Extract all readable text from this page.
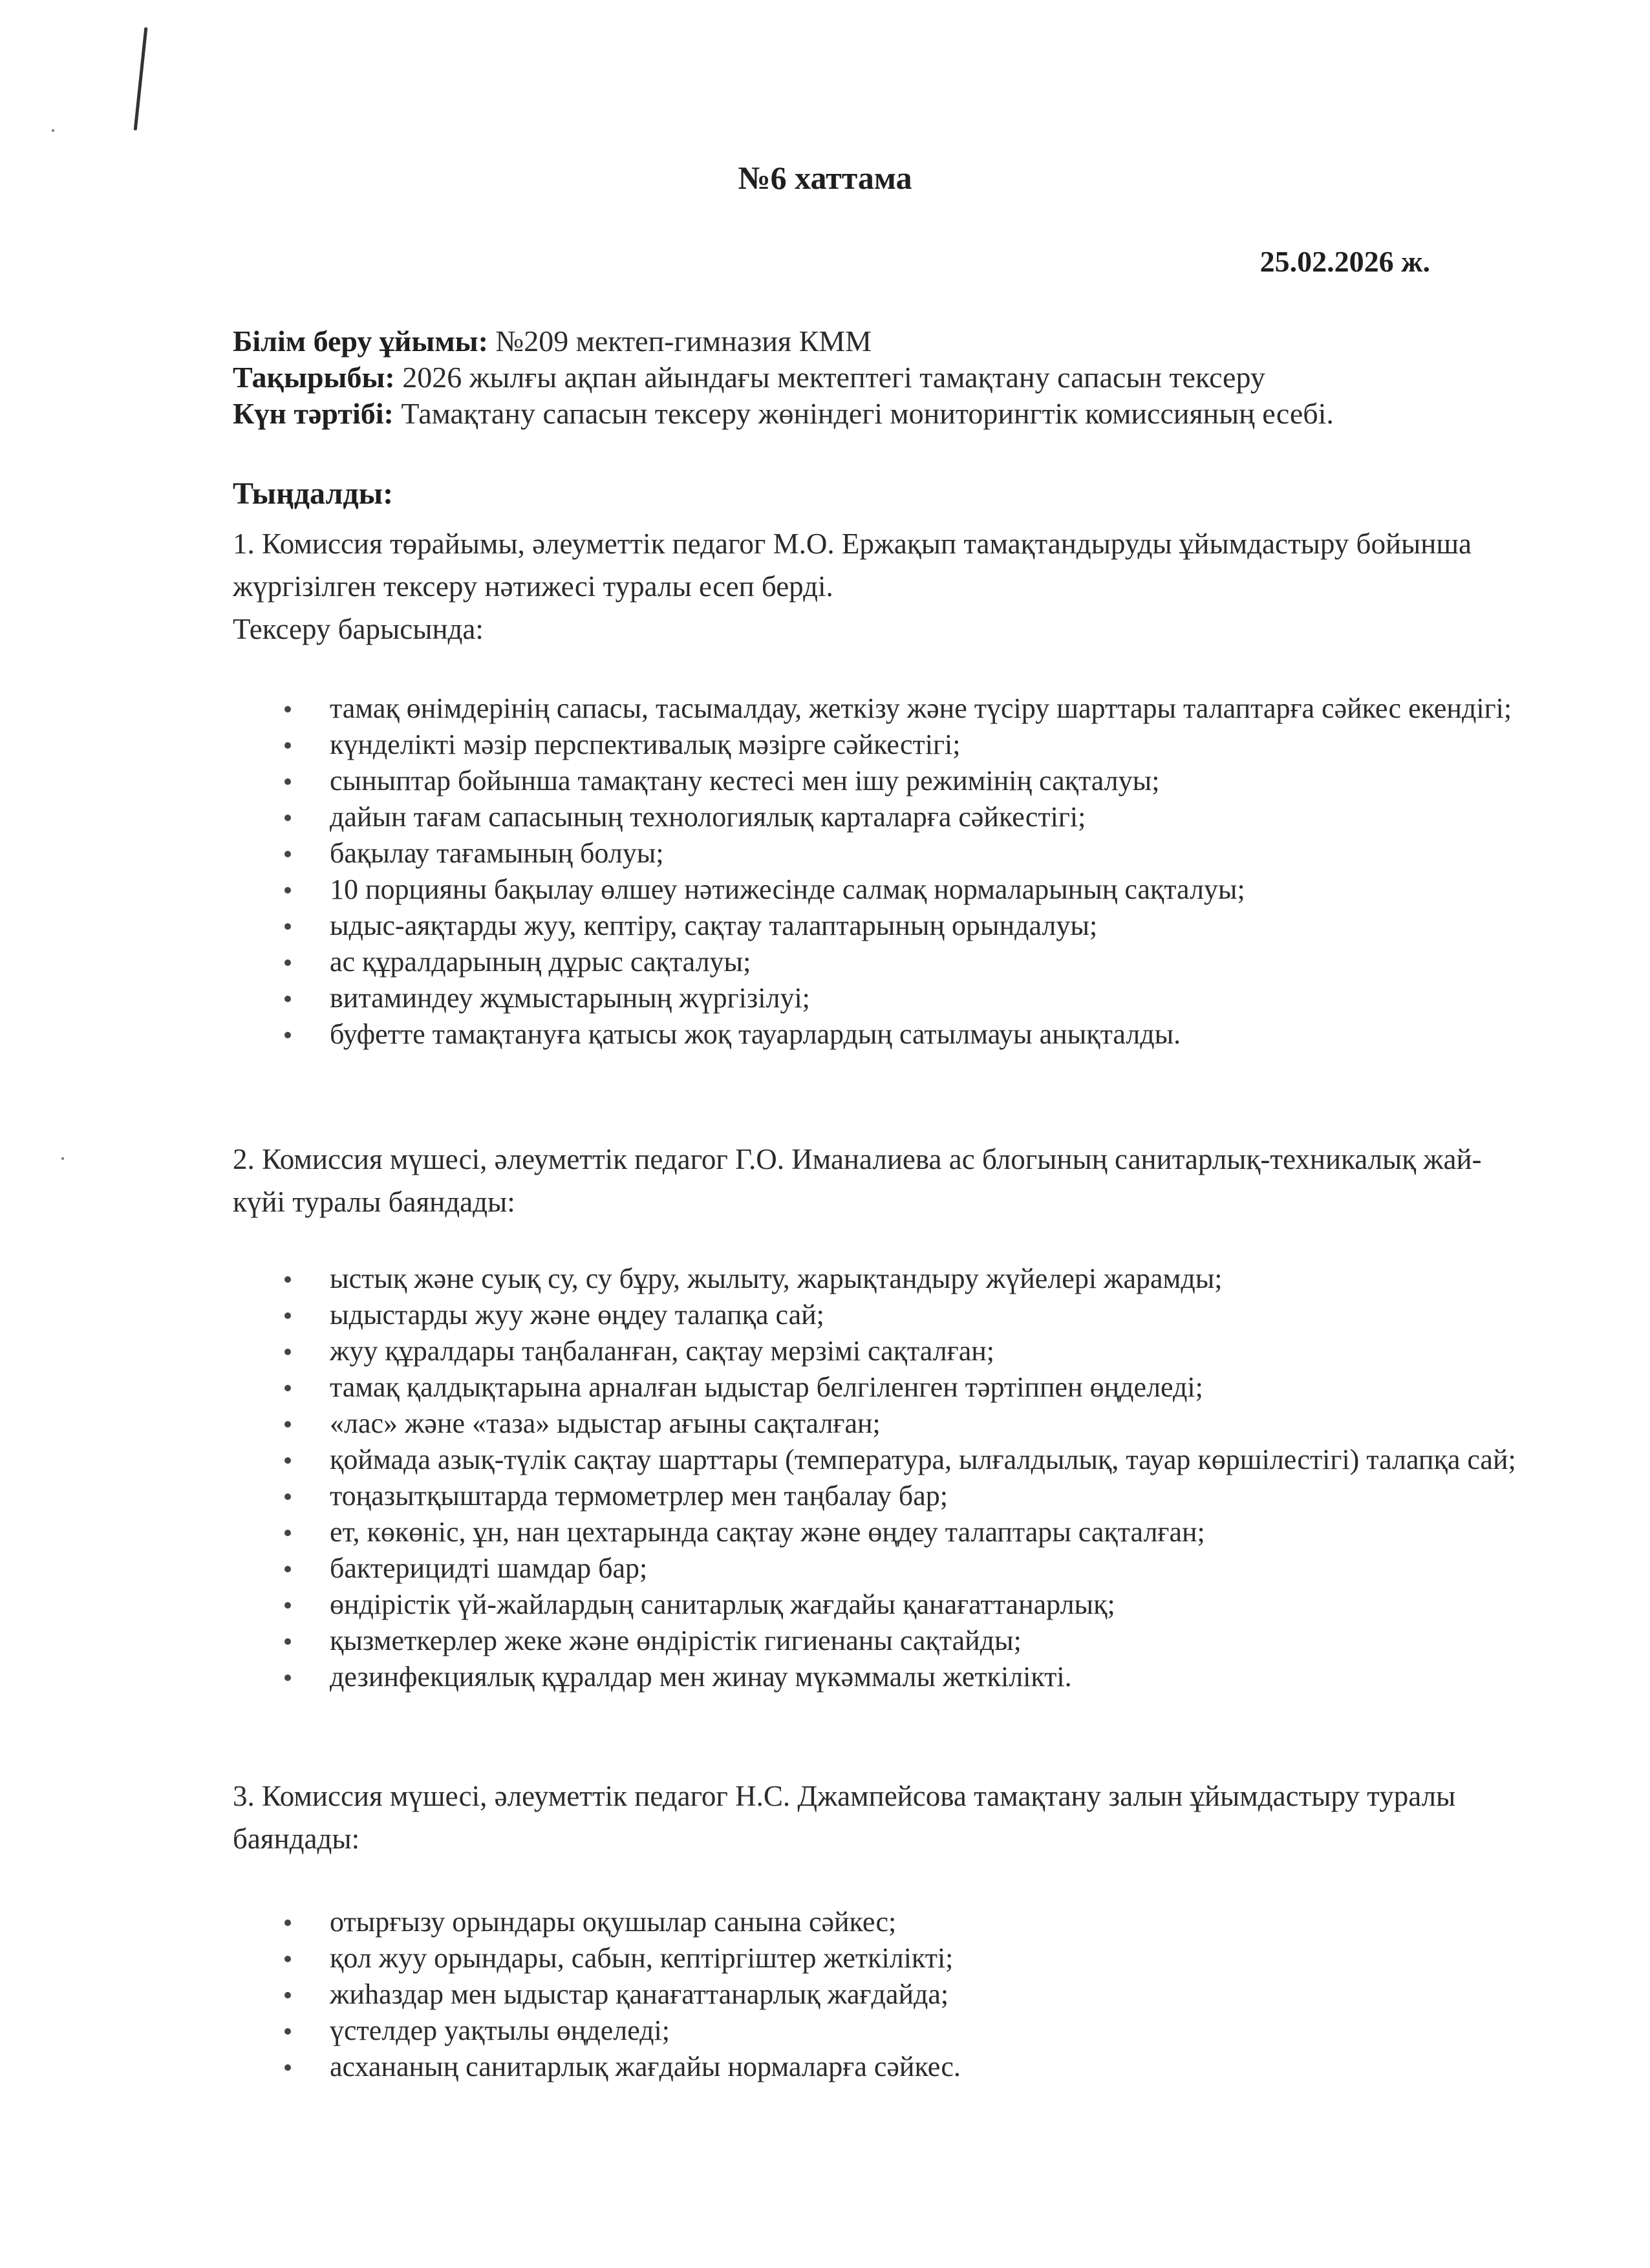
№6 хаттама
25.02.2026 ж.
Білім беру ұйымы: №209 мектеп-гимназия КММ
Тақырыбы: 2026 жылғы ақпан айындағы мектептегі тамақтану сапасын тексеру
Күн тәртібі: Тамақтану сапасын тексеру жөніндегі мониторингтік комиссияның есебі.
Тыңдалды:
1. Комиссия төрайымы, әлеуметтік педагог М.О. Ержақып тамақтандыруды ұйымдастыру бойынша жүргізілген тексеру нәтижесі туралы есеп берді.
Тексеру барысында:
тамақ өнімдерінің сапасы, тасымалдау, жеткізу және түсіру шарттары талаптарға сәйкес екендігі;
күнделікті мәзір перспективалық мәзірге сәйкестігі;
сыныптар бойынша тамақтану кестесі мен ішу режимінің сақталуы;
дайын тағам сапасының технологиялық карталарға сәйкестігі;
бақылау тағамының болуы;
10 порцияны бақылау өлшеу нәтижесінде салмақ нормаларының сақталуы;
ыдыс-аяқтарды жуу, кептіру, сақтау талаптарының орындалуы;
ас құралдарының дұрыс сақталуы;
витаминдеу жұмыстарының жүргізілуі;
буфетте тамақтануға қатысы жоқ тауарлардың сатылмауы анықталды.
2. Комиссия мүшесі, әлеуметтік педагог Г.О. Иманалиева ас блогының санитарлық-техникалық жай-күйі туралы баяндады:
ыстық және суық су, су бұру, жылыту, жарықтандыру жүйелері жарамды;
ыдыстарды жуу және өңдеу талапқа сай;
жуу құралдары таңбаланған, сақтау мерзімі сақталған;
тамақ қалдықтарына арналған ыдыстар белгіленген тәртіппен өңделеді;
«лас» және «таза» ыдыстар ағыны сақталған;
қоймада азық-түлік сақтау шарттары (температура, ылғалдылық, тауар көршілестігі) талапқа сай;
тоңазытқыштарда термометрлер мен таңбалау бар;
ет, көкөніс, ұн, нан цехтарында сақтау және өңдеу талаптары сақталған;
бактерицидті шамдар бар;
өндірістік үй-жайлардың санитарлық жағдайы қанағаттанарлық;
қызметкерлер жеке және өндірістік гигиенаны сақтайды;
дезинфекциялық құралдар мен жинау мүкәммалы жеткілікті.
3. Комиссия мүшесі, әлеуметтік педагог Н.С. Джампейсова тамақтану залын ұйымдастыру туралы баяндады:
отырғызу орындары оқушылар санына сәйкес;
қол жуу орындары, сабын, кептіргіштер жеткілікті;
жиһаздар мен ыдыстар қанағаттанарлық жағдайда;
үстелдер уақтылы өңделеді;
асхананың санитарлық жағдайы нормаларға сәйкес.
